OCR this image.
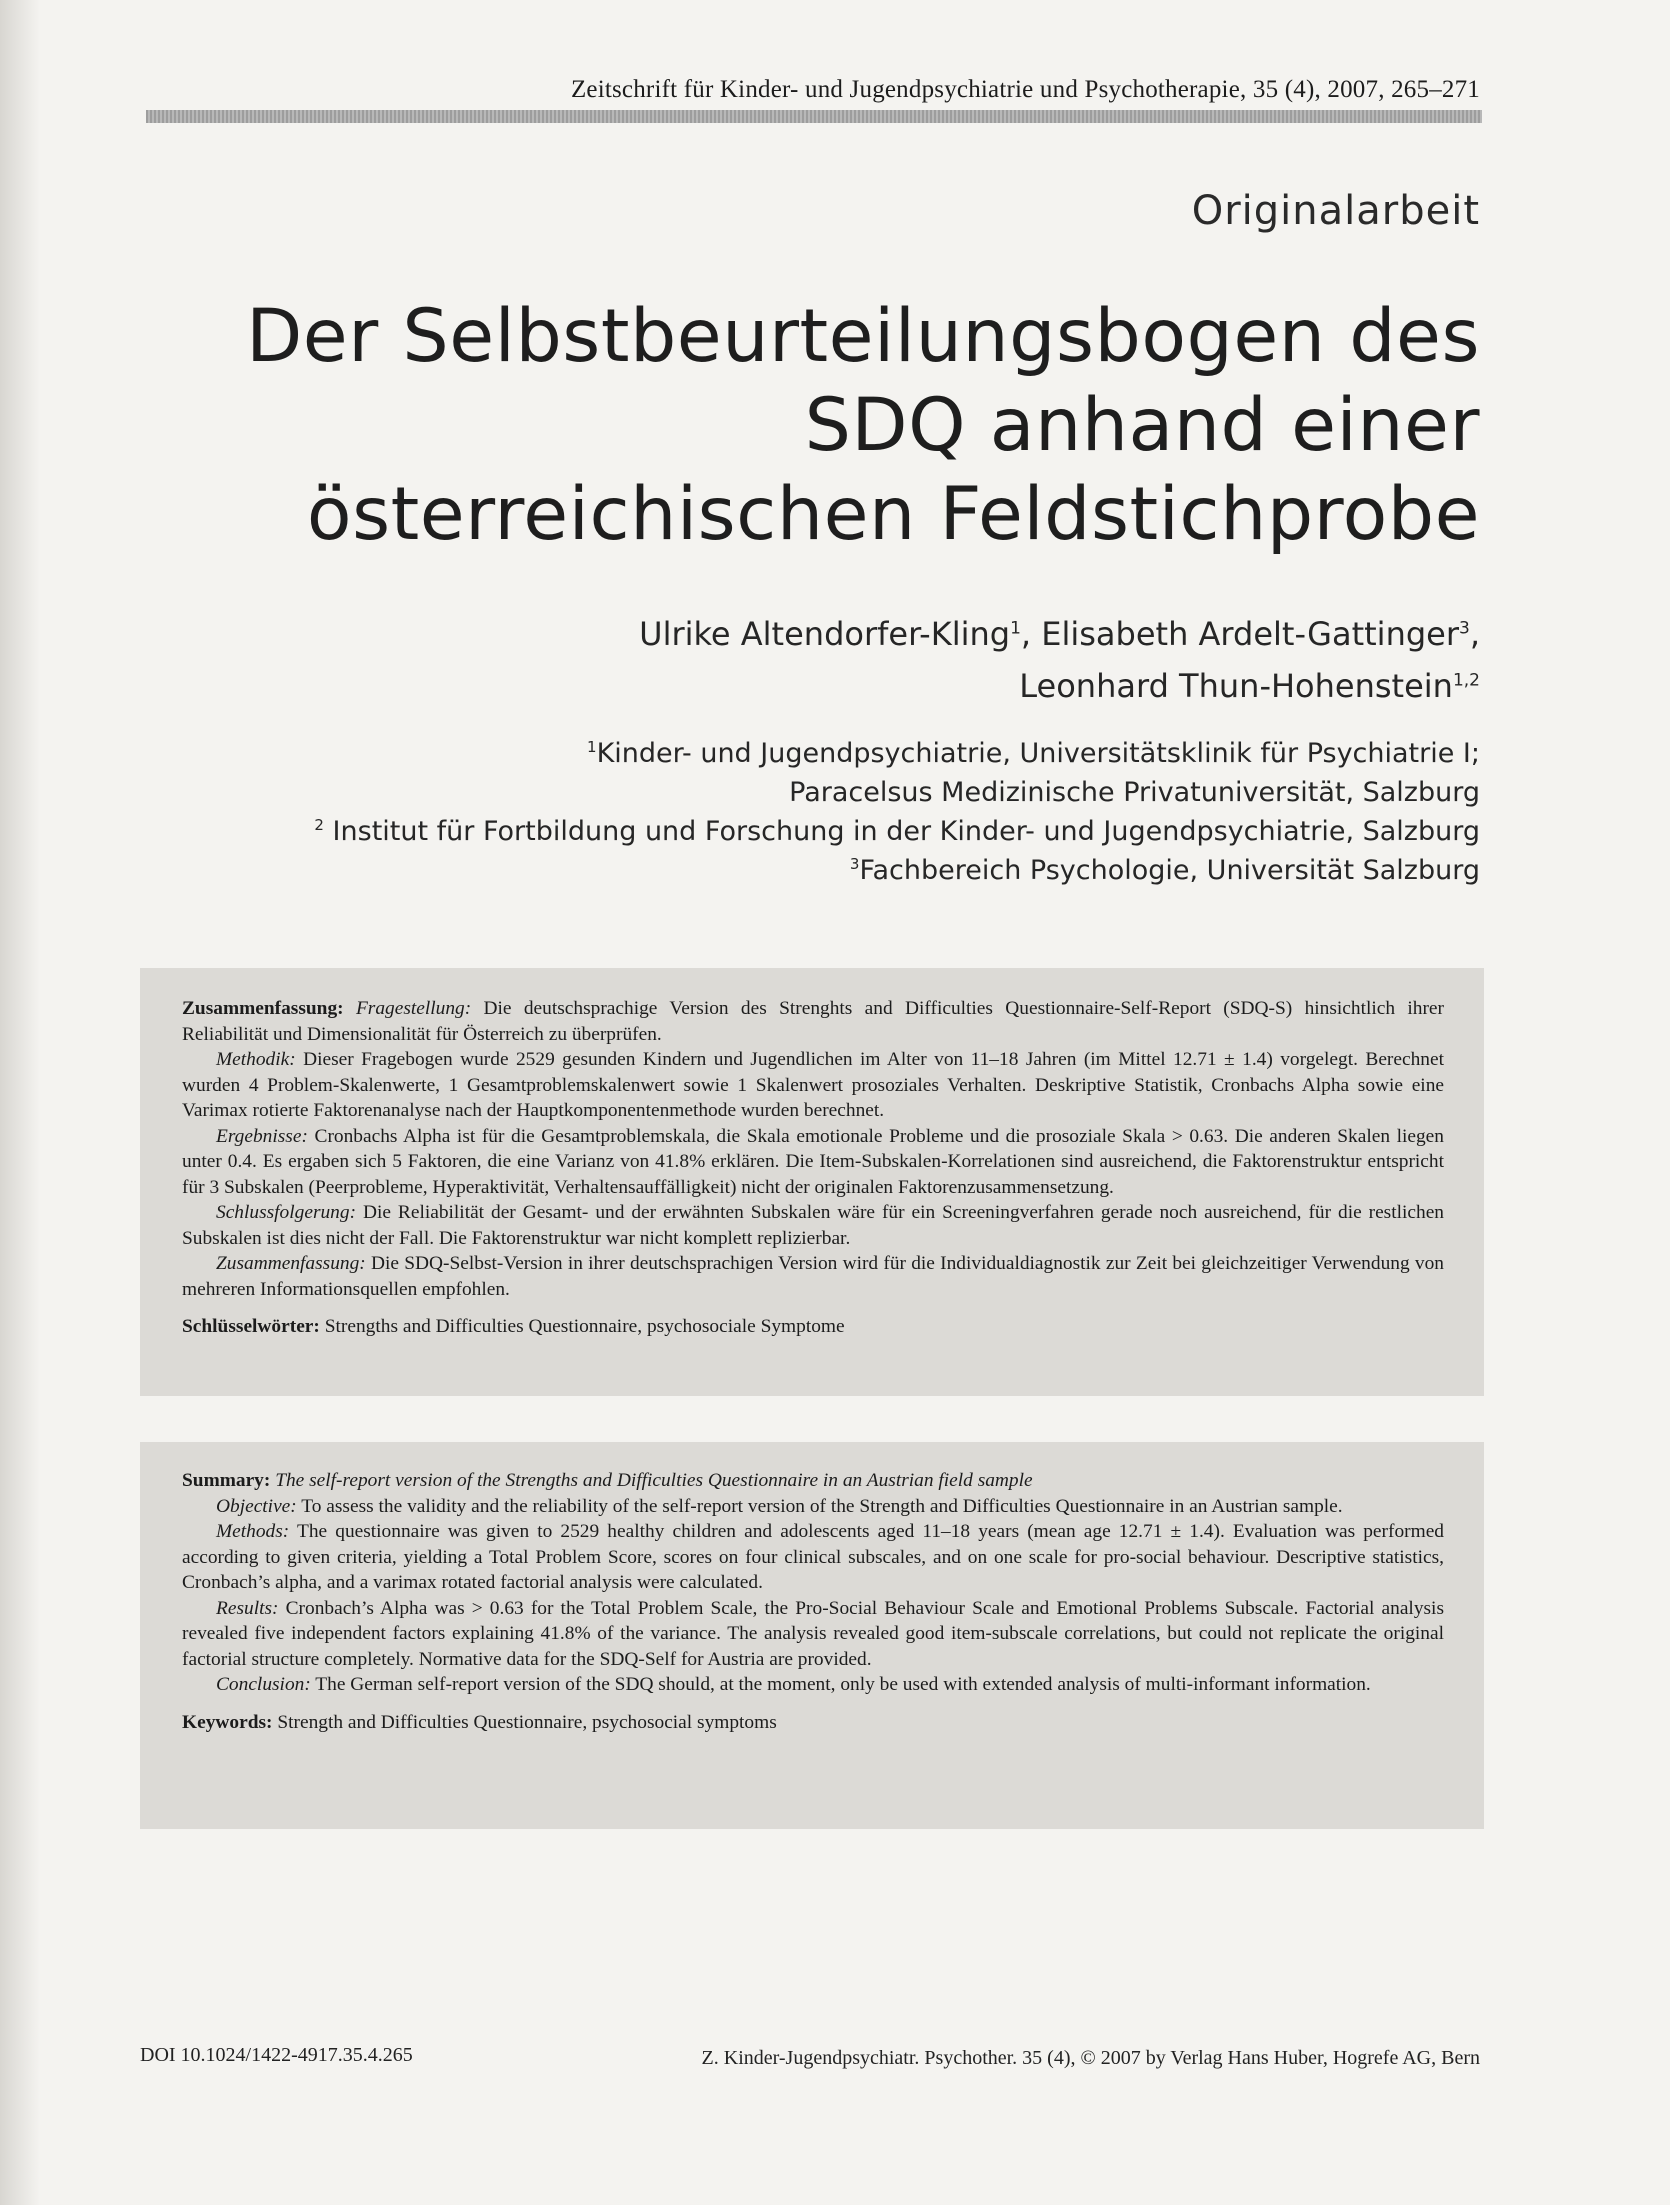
Zeitschrift für Kinder- und Jugendpsychiatrie und Psychotherapie, 35 (4), 2007, 265–271
Originalarbeit
Der Selbstbeurteilungsbogen des
SDQ anhand einer
österreichischen Feldstichprobe
Ulrike Altendorfer-Kling$^1$, Elisabeth Ardelt-Gattinger$^3$,
Leonhard Thun-Hohenstein$^{1,2}$
$^1$Kinder- und Jugendpsychiatrie, Universitätsklinik für Psychiatrie I;
Paracelsus Medizinische Privatuniversität, Salzburg
$^2$ Institut für Fortbildung und Forschung in der Kinder- und Jugendpsychiatrie, Salzburg
$^3$Fachbereich Psychologie, Universität Salzburg

Zusammenfassung: Fragestellung: Die deutschsprachige Version des Strenghts and Difficulties Questionnaire-Self-Report (SDQ-S) hinsichtlich ihrer Reliabilität und Dimensionalität für Österreich zu überprüfen.

Methodik: Dieser Fragebogen wurde 2529 gesunden Kindern und Jugendlichen im Alter von 11–18 Jahren (im Mittel 12.71 ± 1.4) vorgelegt. Berechnet wurden 4 Problem-Skalenwerte, 1 Gesamtproblemskalenwert sowie 1 Skalenwert prosoziales Verhalten. Deskriptive Statistik, Cronbachs Alpha sowie eine Varimax rotierte Faktorenanalyse nach der Hauptkomponentenmethode wurden berechnet.

Ergebnisse: Cronbachs Alpha ist für die Gesamtproblemskala, die Skala emotionale Probleme und die prosoziale Skala > 0.63. Die anderen Skalen liegen unter 0.4. Es ergaben sich 5 Faktoren, die eine Varianz von 41.8% erklären. Die Item-Subskalen-Korrelationen sind ausreichend, die Faktorenstruktur entspricht für 3 Subskalen (Peerprobleme, Hyperaktivität, Verhaltensauffälligkeit) nicht der originalen Faktorenzusammensetzung.

Schlussfolgerung: Die Reliabilität der Gesamt- und der erwähnten Subskalen wäre für ein Screeningverfahren gerade noch ausreichend, für die restlichen Subskalen ist dies nicht der Fall. Die Faktorenstruktur war nicht komplett replizierbar.

Zusammenfassung: Die SDQ-Selbst-Version in ihrer deutschsprachigen Version wird für die Individualdiagnostik zur Zeit bei gleichzeitiger Verwendung von mehreren Informationsquellen empfohlen.

Schlüsselwörter: Strengths and Difficulties Questionnaire, psychosociale Symptome

Summary: The self-report version of the Strengths and Difficulties Questionnaire in an Austrian field sample

Objective: To assess the validity and the reliability of the self-report version of the Strength and Difficulties Questionnaire in an Austrian sample.

Methods: The questionnaire was given to 2529 healthy children and adolescents aged 11–18 years (mean age 12.71 ± 1.4). Evaluation was performed according to given criteria, yielding a Total Problem Score, scores on four clinical subscales, and on one scale for pro-social behaviour. Descriptive statistics, Cronbach’s alpha, and a varimax rotated factorial analysis were calculated.

Results: Cronbach’s Alpha was > 0.63 for the Total Problem Scale, the Pro-Social Behaviour Scale and Emotional Problems Subscale. Factorial analysis revealed five independent factors explaining 41.8% of the variance. The analysis revealed good item-subscale correlations, but could not replicate the original factorial structure completely. Normative data for the SDQ-Self for Austria are provided.

Conclusion: The German self-report version of the SDQ should, at the moment, only be used with extended analysis of multi-informant information.

Keywords: Strength and Difficulties Questionnaire, psychosocial symptoms

DOI 10.1024/1422-4917.35.4.265	Z. Kinder-Jugendpsychiatr. Psychother. 35 (4), © 2007 by Verlag Hans Huber, Hogrefe AG, Bern
